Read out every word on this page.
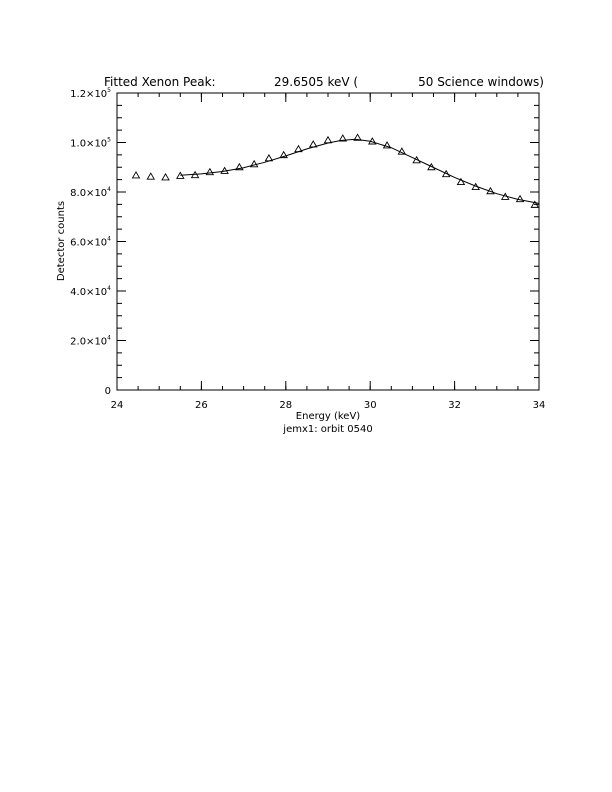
Fitted Xenon Peak:	29.6505 keV (	50 Science windows)
24	26	28	30	32	34
0
$2.0\times 10^4$
$4.0\times 10^4$
$6.0\times 10^4$
$8.0\times 10^4$
$1.0\times 10^5$
$1.2\times 10^5$
Energy (keV)
jemx1: orbit 0540
Detector counts
